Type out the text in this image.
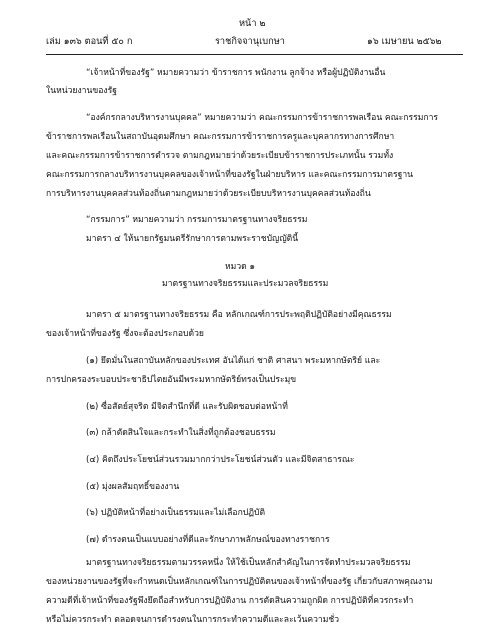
หน้า ๒
เล่ม ๑๓๖ ตอนที่ ๕๐ ก	ราชกิจจานุเบกษา	๑๖ เมษายน ๒๕๖๒
“เจ้าหน้าที่ของรัฐ” หมายความว่า ข้าราชการ พนักงาน ลูกจ้าง หรือผู้ปฏิบัติงานอื่น
ในหน่วยงานของรัฐ
“องค์กรกลางบริหารงานบุคคล” หมายความว่า คณะกรรมการข้าราชการพลเรือน คณะกรรมการ
ข้าราชการพลเรือนในสถาบันอุดมศึกษา คณะกรรมการข้าราชการครูและบุคลากรทางการศึกษา
และคณะกรรมการข้าราชการตำรวจ ตามกฎหมายว่าด้วยระเบียบข้าราชการประเภทนั้น รวมทั้ง
คณะกรรมการกลางบริหารงานบุคคลของเจ้าหน้าที่ของรัฐในฝ่ายบริหาร และคณะกรรมการมาตรฐาน
การบริหารงานบุคคลส่วนท้องถิ่นตามกฎหมายว่าด้วยระเบียบบริหารงานบุคคลส่วนท้องถิ่น
“กรรมการ” หมายความว่า กรรมการมาตรฐานทางจริยธรรม
มาตรา ๔ ให้นายกรัฐมนตรีรักษาการตามพระราชบัญญัตินี้
หมวด ๑
มาตรฐานทางจริยธรรมและประมวลจริยธรรม
มาตรา ๕ มาตรฐานทางจริยธรรม คือ หลักเกณฑ์การประพฤติปฏิบัติอย่างมีคุณธรรม
ของเจ้าหน้าที่ของรัฐ ซึ่งจะต้องประกอบด้วย
(๑) ยึดมั่นในสถาบันหลักของประเทศ อันได้แก่ ชาติ ศาสนา พระมหากษัตริย์ และ
การปกครองระบอบประชาธิปไตยอันมีพระมหากษัตริย์ทรงเป็นประมุข
(๒) ซื่อสัตย์สุจริต มีจิตสำนึกที่ดี และรับผิดชอบต่อหน้าที่
(๓) กล้าตัดสินใจและกระทำในสิ่งที่ถูกต้องชอบธรรม
(๔) คิดถึงประโยชน์ส่วนรวมมากกว่าประโยชน์ส่วนตัว และมีจิตสาธารณะ
(๕) มุ่งผลสัมฤทธิ์ของงาน
(๖) ปฏิบัติหน้าที่อย่างเป็นธรรมและไม่เลือกปฏิบัติ
(๗) ดำรงตนเป็นแบบอย่างที่ดีและรักษาภาพลักษณ์ของทางราชการ
มาตรฐานทางจริยธรรมตามวรรคหนึ่ง ให้ใช้เป็นหลักสำคัญในการจัดทำประมวลจริยธรรม
ของหน่วยงานของรัฐที่จะกำหนดเป็นหลักเกณฑ์ในการปฏิบัติตนของเจ้าหน้าที่ของรัฐ เกี่ยวกับสภาพคุณงาม
ความดีที่เจ้าหน้าที่ของรัฐพึงยึดถือสำหรับการปฏิบัติงาน การตัดสินความถูกผิด การปฏิบัติที่ควรกระทำ
หรือไม่ควรกระทำ ตลอดจนการดำรงตนในการกระทำความดีและละเว้นความชั่ว
